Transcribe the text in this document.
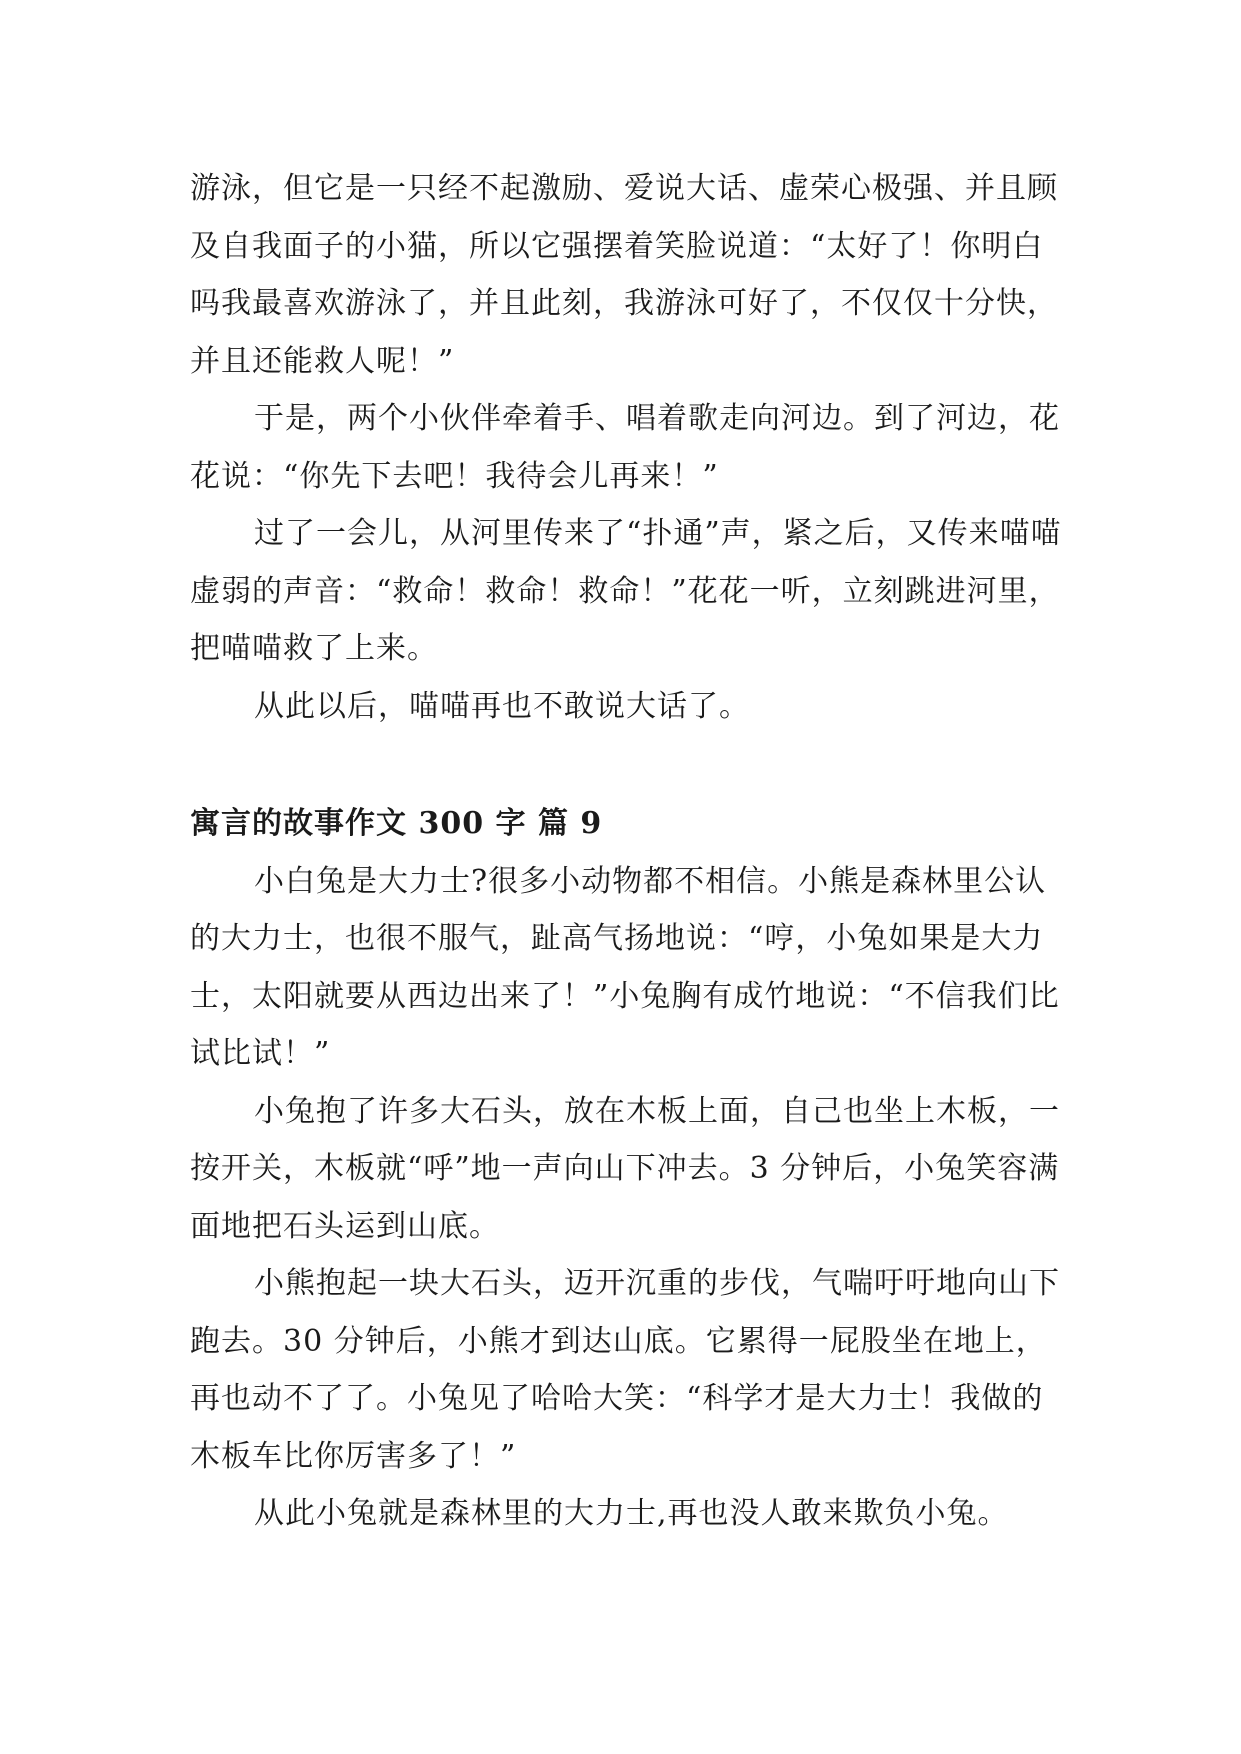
游泳，但它是一只经不起激励、爱说大话、虚荣心极强、并且顾及自我面子的小猫，所以它强摆着笑脸说道：“太好了！你明白吗我最喜欢游泳了，并且此刻，我游泳可好了，不仅仅十分快，并且还能救人呢！”

于是，两个小伙伴牵着手、唱着歌走向河边。到了河边，花花说：“你先下去吧！我待会儿再来！”

过了一会儿，从河里传来了“扑通”声，紧之后，又传来喵喵虚弱的声音：“救命！救命！救命！”花花一听，立刻跳进河里，把喵喵救了上来。

从此以后，喵喵再也不敢说大话了。

寓言的故事作文 300 字 篇 9

小白兔是大力士?很多小动物都不相信。小熊是森林里公认的大力士，也很不服气，趾高气扬地说：“哼，小兔如果是大力士，太阳就要从西边出来了！”小兔胸有成竹地说：“不信我们比试比试！”

小兔抱了许多大石头，放在木板上面，自己也坐上木板，一按开关，木板就“呼”地一声向山下冲去。3 分钟后，小兔笑容满面地把石头运到山底。

小熊抱起一块大石头，迈开沉重的步伐，气喘吁吁地向山下跑去。30 分钟后，小熊才到达山底。它累得一屁股坐在地上，再也动不了了。小兔见了哈哈大笑：“科学才是大力士！我做的木板车比你厉害多了！”

从此小兔就是森林里的大力士,再也没人敢来欺负小兔。
